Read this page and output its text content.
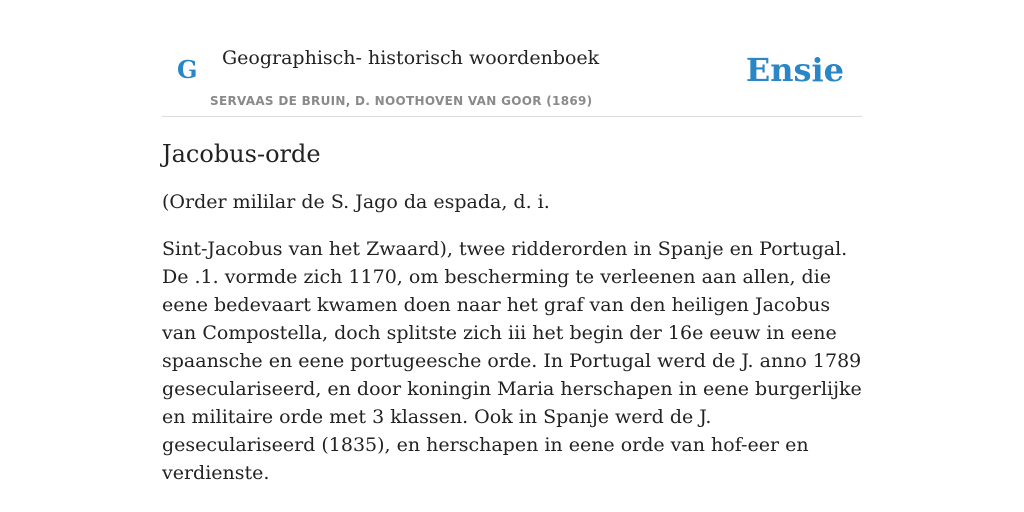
G Geographisch- historisch woordenboek
SERVAAS DE BRUIN, D. NOOTHOVEN VAN GOOR (1869)
Ensie
Jacobus-orde

(Order mililar de S. Jago da espada, d. i.

Sint-Jacobus van het Zwaard), twee ridderorden in Spanje en Portugal. De .1. vormde zich 1170, om bescherming te verleenen aan allen, die eene bedevaart kwamen doen naar het graf van den heiligen Jacobus van Compostella, doch splitste zich iii het begin der 16e eeuw in eene spaansche en eene portugeesche orde. In Portugal werd de J. anno 1789 geseculariseerd, en door koningin Maria herschapen in eene burgerlijke en militaire orde met 3 klassen. Ook in Spanje werd de J. geseculariseerd (1835), en herschapen in eene orde van hof-eer en verdienste.
